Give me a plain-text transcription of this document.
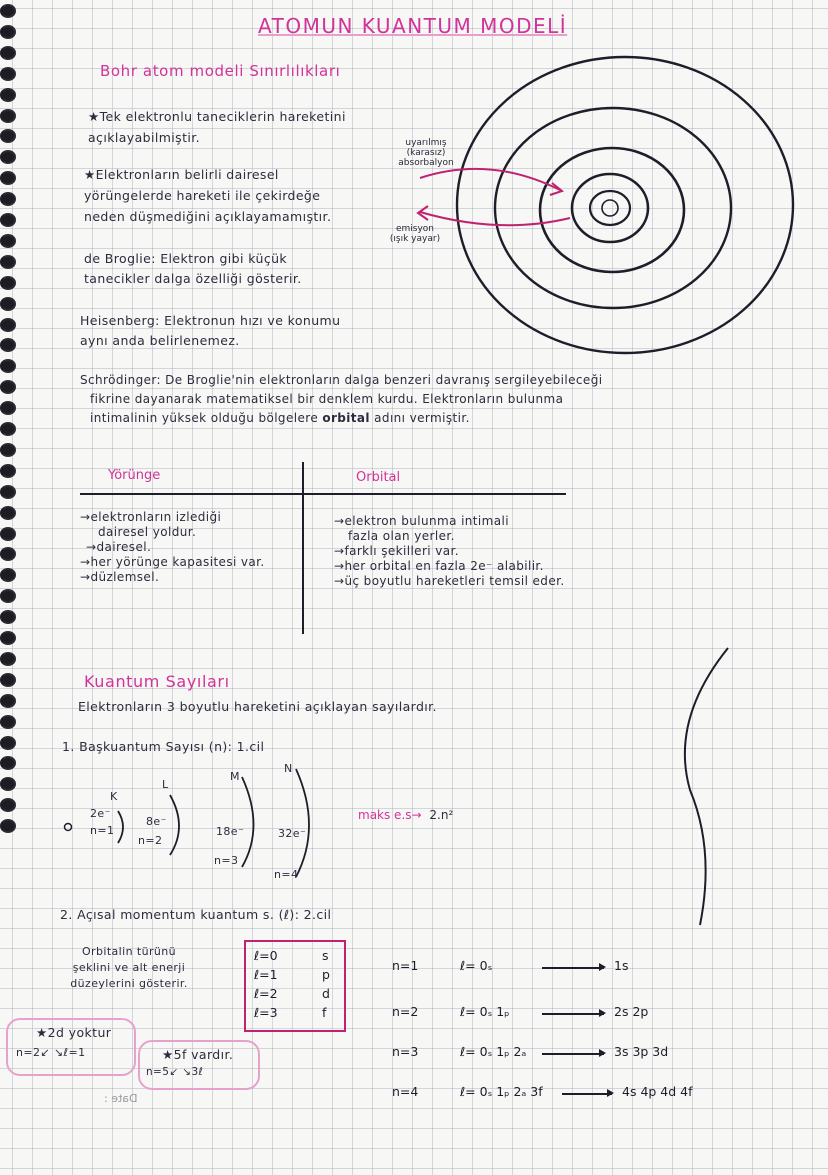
ATOMUN KUANTUM MODELİ
Bohr atom modeli Sınırlılıkları
★Tek elektronlu taneciklerin hareketini
açıklayabilmiştir.
★Elektronların belirli dairesel
yörüngelerde hareketi ile çekirdeğe
neden düşmediğini açıklayamamıştır.
uyarılmış
(karasız)
absorbalyon
emisyon
(ışık yayar)
de Broglie: Elektron gibi küçük
tanecikler dalga özelliği gösterir.
Heisenberg: Elektronun hızı ve konumu
aynı anda belirlenemez.
Schrödinger: De Broglie'nin elektronların dalga benzeri davranış sergileyebileceği
fikrine dayanarak matematiksel bir denklem kurdu. Elektronların bulunma
intimalinin yüksek olduğu bölgelere orbital adını vermiştir.
Yörünge	Orbital
→elektronların izlediği
dairesel yoldur.
→dairesel.
→her yörünge kapasitesi var.
→düzlemsel.
→elektron bulunma intimali
fazla olan yerler.
→farklı şekilleri var.
→her orbital en fazla 2e⁻ alabilir.
→üç boyutlu hareketleri temsil eder.
Kuantum Sayıları
Elektronların 3 boyutlu hareketini açıklayan sayılardır.
1. Başkuantum Sayısı (n): 1.cil
K
2e⁻
n=1
L
8e⁻
n=2
M
18e⁻
n=3
N
32e⁻
n=4
maks e.s→ 2.n²
2. Açısal momentum kuantum s. (ℓ): 2.cil
Orbitalin türünü
şeklini ve alt enerji
düzeylerini gösterir.
ℓ=0	s
ℓ=1	p
ℓ=2	d
ℓ=3	f
n=1	ℓ= 0ₛ	1s
n=2	ℓ= 0ₛ 1ₚ	2s 2p
n=3	ℓ= 0ₛ 1ₚ 2ₐ	3s 3p 3d
n=4	ℓ= 0ₛ 1ₚ 2ₐ 3f	4s 4p 4d 4f
★2d yoktur
n=2↙ ↘ℓ=1	★5f vardır.
n=5↙ ↘3ℓ
Date :
